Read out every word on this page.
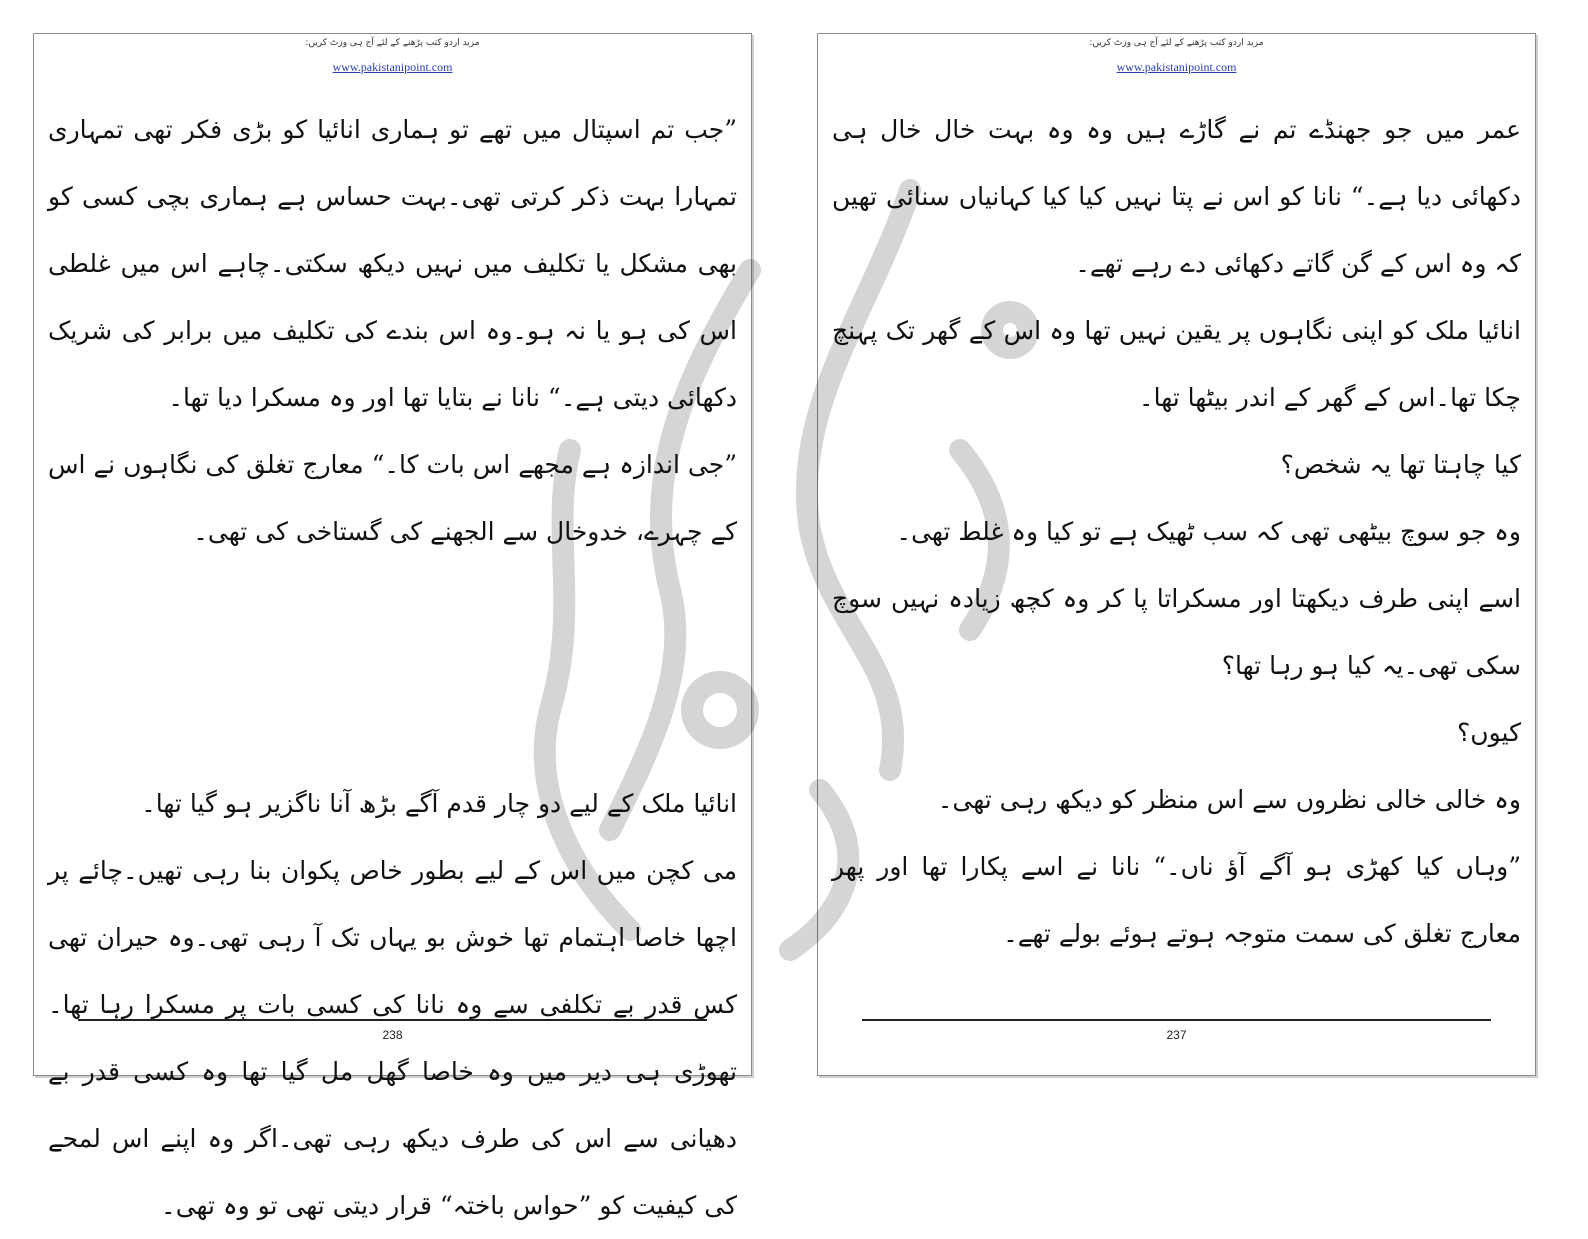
مزید اردو کتب پڑھنے کے لئے آج ہی وزٹ کریں:
www.pakistanipoint.com

”جب تم اسپتال میں تھے تو ہماری انائیا کو بڑی فکر تھی تمہاری تمہارا بہت ذکر کرتی تھی۔بہت حساس ہے ہماری بچی کسی کو بھی مشکل یا تکلیف میں نہیں دیکھ سکتی۔چاہے اس میں غلطی اس کی ہو یا نہ ہو۔وہ اس بندے کی تکلیف میں برابر کی شریک دکھائی دیتی ہے۔“ نانا نے بتایا تھا اور وہ مسکرا دیا تھا۔

”جی اندازہ ہے مجھے اس بات کا۔“ معارج تغلق کی نگاہوں نے اس کے چہرے، خدوخال سے الجھنے کی گستاخی کی تھی۔

انائیا ملک کے لیے دو چار قدم آگے بڑھ آنا ناگزیر ہو گیا تھا۔

می کچن میں اس کے لیے بطور خاص پکوان بنا رہی تھیں۔چائے پر اچھا خاصا اہتمام تھا خوش بو یہاں تک آ رہی تھی۔وہ حیران تھی کس قدر بے تکلفی سے وہ نانا کی کسی بات پر مسکرا رہا تھا۔تھوڑی ہی دیر میں وہ خاصا گھل مل گیا تھا وہ کسی قدر بے دھیانی سے اس کی طرف دیکھ رہی تھی۔اگر وہ اپنے اس لمحے کی کیفیت کو ”حواس باختہ“ قرار دیتی تھی تو وہ تھی۔

238
مزید اردو کتب پڑھنے کے لئے آج ہی وزٹ کریں:
www.pakistanipoint.com

عمر میں جو جھنڈے تم نے گاڑے ہیں وہ وہ بہت خال خال ہی دکھائی دیا ہے۔“ نانا کو اس نے پتا نہیں کیا کیا کہانیاں سنائی تھیں کہ وہ اس کے گن گاتے دکھائی دے رہے تھے۔

انائیا ملک کو اپنی نگاہوں پر یقین نہیں تھا وہ اس کے گھر تک پہنچ چکا تھا۔اس کے گھر کے اندر بیٹھا تھا۔

کیا چاہتا تھا یہ شخص؟

وہ جو سوچ بیٹھی تھی کہ سب ٹھیک ہے تو کیا وہ غلط تھی۔

اسے اپنی طرف دیکھتا اور مسکراتا پا کر وہ کچھ زیادہ نہیں سوچ سکی تھی۔یہ کیا ہو رہا تھا؟

کیوں؟

وہ خالی خالی نظروں سے اس منظر کو دیکھ رہی تھی۔

”وہاں کیا کھڑی ہو آگے آؤ ناں۔“ نانا نے اسے پکارا تھا اور پھر معارج تغلق کی سمت متوجہ ہوتے ہوئے بولے تھے۔

237
